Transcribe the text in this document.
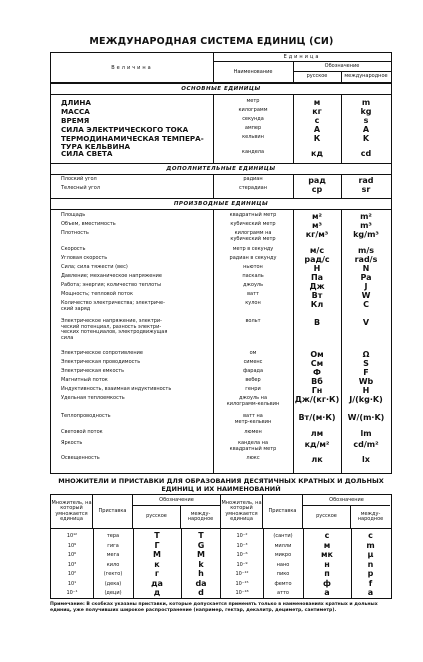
МЕЖДУНАРОДНАЯ СИСТЕМА ЕДИНИЦ (СИ)
Величина
Единица
Наименование
Обозначение
русское	международное
ОСНОВНЫЕ ЕДИНИЦЫ
ДЛИНА	метр	м	m
МАССА	килограмм	кг	kg
ВРЕМЯ	секунда	с	s
СИЛА ЭЛЕКТРИЧЕСКОГО ТОКА	ампер	А	A
ТЕРМОДИНАМИЧЕСКАЯ ТЕМПЕРА-
ТУРА КЕЛЬВИНА
кельвин	К	K
СИЛА СВЕТА	кандела	кд	cd
ДОПОЛНИТЕЛЬНЫЕ ЕДИНИЦЫ
Плоский угол	радиан	рад	rad
Телесный угол	стерадиан	ср	sr
ПРОИЗВОДНЫЕ ЕДИНИЦЫ
Площадь	квадратный метр	м²	m²
Объем, вместимость	кубический метр	м³	m³
Плотность	килограмм на
кубический метр	кг/м³	kg/m³
Скорость	метр в секунду	м/с	m/s
Угловая скорость	радиан в секунду	рад/с	rad/s
Сила; сила тяжести (вес)	ньютон	Н	N
Давление; механическое напряжение	паскаль	Па	Pa
Работа; энергия; количество теплоты	джоуль	Дж	J
Мощность; тепловой поток	ватт	Вт	W
Количество электричества; электриче-
ский заряд
кулон	Кл	C
Электрическое напряжение, электри-
ческий потенциал, разность электри-
ческих потенциалов, электродвижущая
сила
вольт	В	V
Электрическое сопротивление	ом	Ом	Ω
Электрическая проводимость	сименс	См	S
Электрическая емкость	фарада	Ф	F
Магнитный поток	вебер	Вб	Wb
Индуктивность, взаимная индуктивность	генри	Гн	H
Удельная теплоемкость	джоуль на
килограмм-кельвин	Дж/(кг·К)	J/(kg·K)
Теплопроводность	ватт на
метр-кельвин	Вт/(м·К)	W/(m·K)
Световой поток	люмен	лм	lm
Яркость	кандела на
квадратный метр	кд/м²	cd/m²
Освещенность	люкс	лк	lx
МНОЖИТЕЛИ И ПРИСТАВКИ ДЛЯ ОБРАЗОВАНИЯ ДЕСЯТИЧНЫХ КРАТНЫХ И ДОЛЬНЫХ ЕДИНИЦ И ИХ НАИМЕНОВАНИЙ
Множитель, на который умножается единица
Приставка
Обозначение
русское	между-народное
Множитель, на который умножается единица
Приставка
Обозначение
русское	между-народное
10¹²	тера	Т	T	10⁻²	(санти)	с	c
10⁹	гига	Г	G	10⁻³	милли	м	m
10⁶	мега	М	M	10⁻⁶	микро	мк	μ
10³	кило	к	k	10⁻⁹	нано	н	n
10²	(гекто)	г	h	10⁻¹²	пико	п	p
10¹	(дека)	да	da	10⁻¹⁵	фемто	ф	f
10⁻¹	(деци)	д	d	10⁻¹⁸	атто	а	a
Примечание: В скобках указаны приставки, которые допускается применять только в наименованиях кратных и дольных единиц, уже получивших широкое распространение (например, гектар, декалитр, дециметр, сантиметр).
